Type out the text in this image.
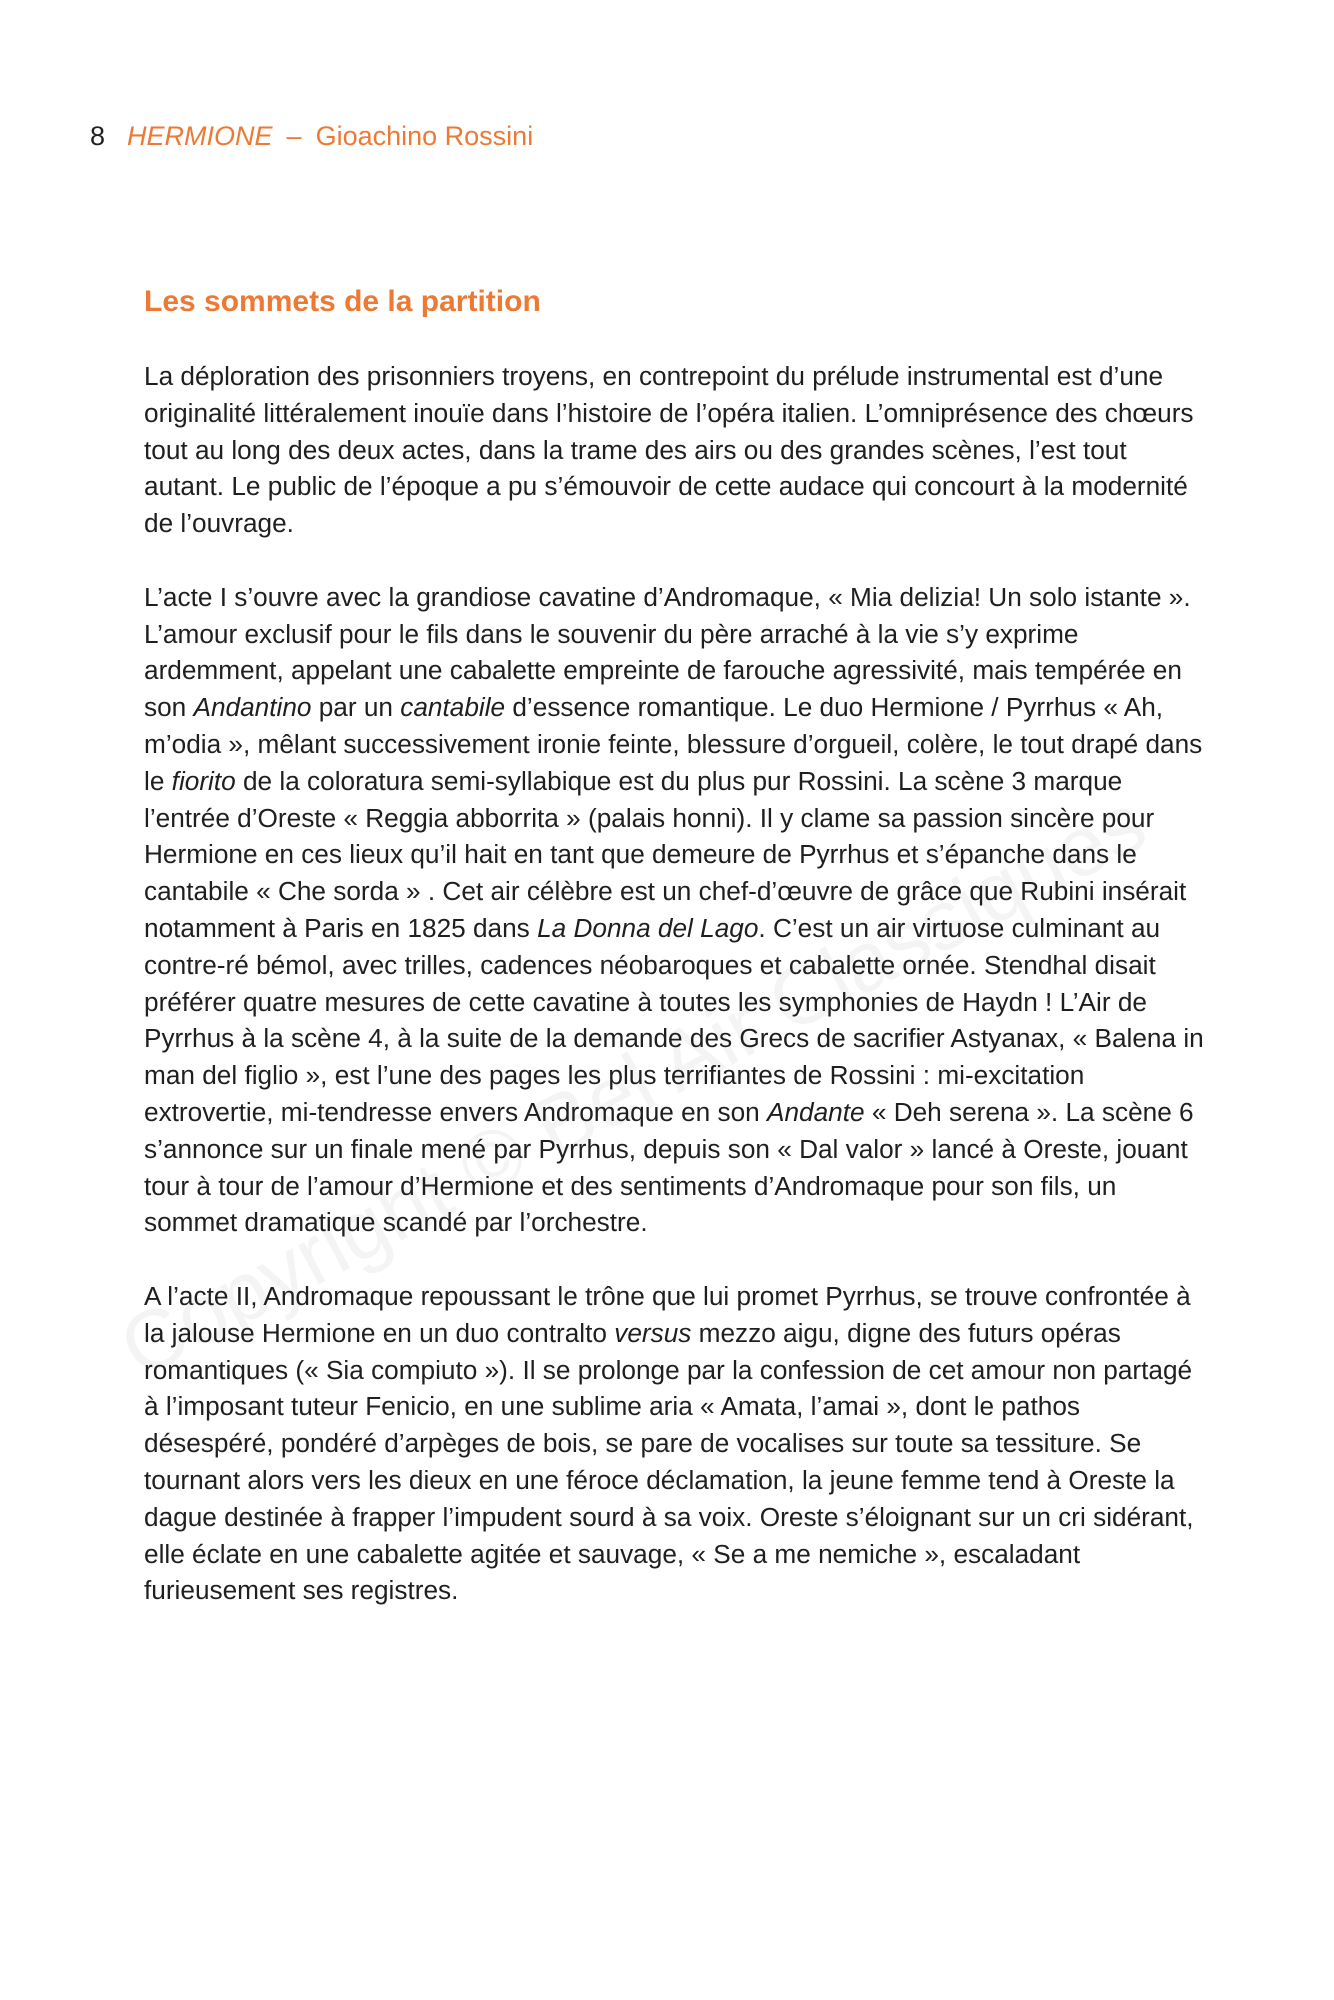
8 HERMIONE – Gioachino Rossini
Les sommets de la partition

La déploration des prisonniers troyens, en contrepoint du prélude instrumental est d’une originalité littéralement inouïe dans l’histoire de l’opéra italien. L’omniprésence des chœurs tout au long des deux actes, dans la trame des airs ou des grandes scènes, l’est tout autant. Le public de l’époque a pu s’émouvoir de cette audace qui concourt à la modernité de l’ouvrage.

L’acte I s’ouvre avec la grandiose cavatine d’Andromaque, « Mia delizia! Un solo istante ». L’amour exclusif pour le fils dans le souvenir du père arraché à la vie s’y exprime ardemment, appelant une cabalette empreinte de farouche agressivité, mais tempérée en son Andantino par un cantabile d’essence romantique. Le duo Hermione / Pyrrhus « Ah, m’odia », mêlant successivement ironie feinte, blessure d’orgueil, colère, le tout drapé dans le fiorito de la coloratura semi-syllabique est du plus pur Rossini. La scène 3 marque l’entrée d’Oreste « Reggia abborrita » (palais honni). Il y clame sa passion sincère pour Hermione en ces lieux qu’il hait en tant que demeure de Pyrrhus et s’épanche dans le cantabile « Che sorda » . Cet air célèbre est un chef-d’œuvre de grâce que Rubini insérait notamment à Paris en 1825 dans La Donna del Lago. C’est un air virtuose culminant au contre-ré bémol, avec trilles, cadences néobaroques et cabalette ornée. Stendhal disait préférer quatre mesures de cette cavatine à toutes les symphonies de Haydn ! L’Air de Pyrrhus à la scène 4, à la suite de la demande des Grecs de sacrifier Astyanax, « Balena in man del figlio », est l’une des pages les plus terrifiantes de Rossini : mi-excitation extrovertie, mi-tendresse envers Andromaque en son Andante « Deh serena ». La scène 6 s’annonce sur un finale mené par Pyrrhus, depuis son « Dal valor » lancé à Oreste, jouant tour à tour de l’amour d’Hermione et des sentiments d’Andromaque pour son fils, un sommet dramatique scandé par l’orchestre.

A l’acte II, Andromaque repoussant le trône que lui promet Pyrrhus, se trouve confrontée à la jalouse Hermione en un duo contralto versus mezzo aigu, digne des futurs opéras romantiques (« Sia compiuto »). Il se prolonge par la confession de cet amour non partagé à l’imposant tuteur Fenicio, en une sublime aria « Amata, l’amai », dont le pathos désespéré, pondéré d’arpèges de bois, se pare de vocalises sur toute sa tessiture. Se tournant alors vers les dieux en une féroce déclamation, la jeune femme tend à Oreste la dague destinée à frapper l’impudent sourd à sa voix. Oreste s’éloignant sur un cri sidérant, elle éclate en une cabalette agitée et sauvage, « Se a me nemiche », escaladant furieusement ses registres.
